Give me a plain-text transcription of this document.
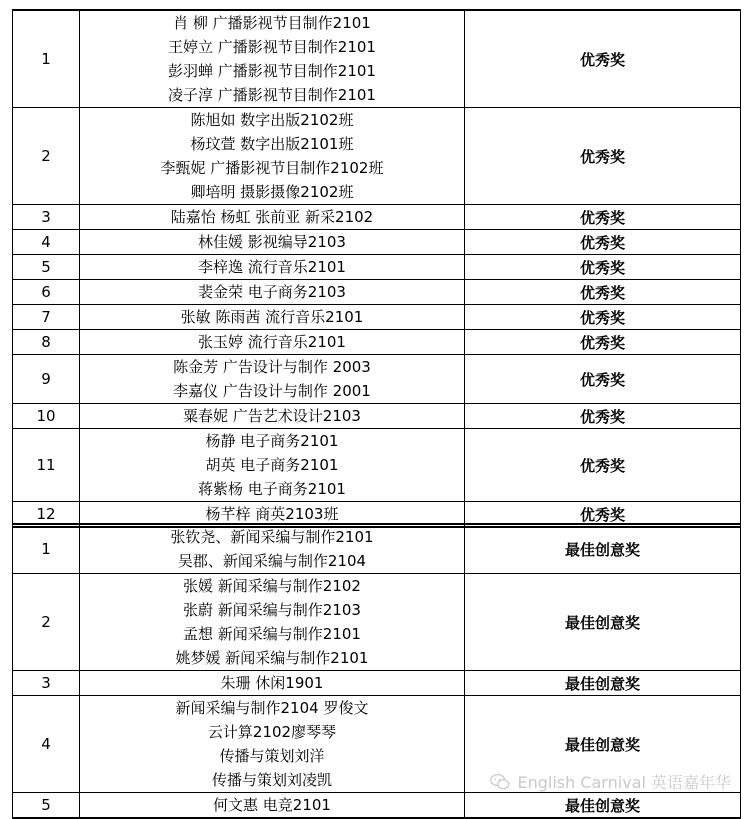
1	肖 柳 广播影视节目制作2101
王婷立 广播影视节目制作2101
彭羽蝉 广播影视节目制作2101
凌子淳 广播影视节目制作2101	优秀奖
2	陈旭如 数字出版2102班
杨玟萱 数字出版2101班
李甄妮 广播影视节目制作2102班
卿培明 摄影摄像2102班	优秀奖
3	陆嘉怡 杨虹 张前亚 新采2102	优秀奖
4	林佳媛 影视编导2103	优秀奖
5	李梓逸 流行音乐2101	优秀奖
6	裴金荣 电子商务2103	优秀奖
7	张敏 陈雨茜 流行音乐2101	优秀奖
8	张玉婷 流行音乐2101	优秀奖
9	陈金芳 广告设计与制作 2003
李嘉仪 广告设计与制作 2001	优秀奖
10	粟春妮 广告艺术设计2103	优秀奖
11	杨静 电子商务2101
胡英 电子商务2101
蒋紫杨 电子商务2101	优秀奖
12	杨芊梓 商英2103班	优秀奖
1	张钦尧、新闻采编与制作2101
吴郡、新闻采编与制作2104	最佳创意奖
2	张媛 新闻采编与制作2102
张蔚 新闻采编与制作2103
孟想 新闻采编与制作2101
姚梦媛 新闻采编与制作2101	最佳创意奖
3	朱珊 休闲1901	最佳创意奖
4	新闻采编与制作2104 罗俊文
云计算2102廖琴琴
传播与策划刘洋
传播与策划刘凌凯	最佳创意奖
5	何文惠 电竞2101	最佳创意奖
English Carnival 英语嘉年华
